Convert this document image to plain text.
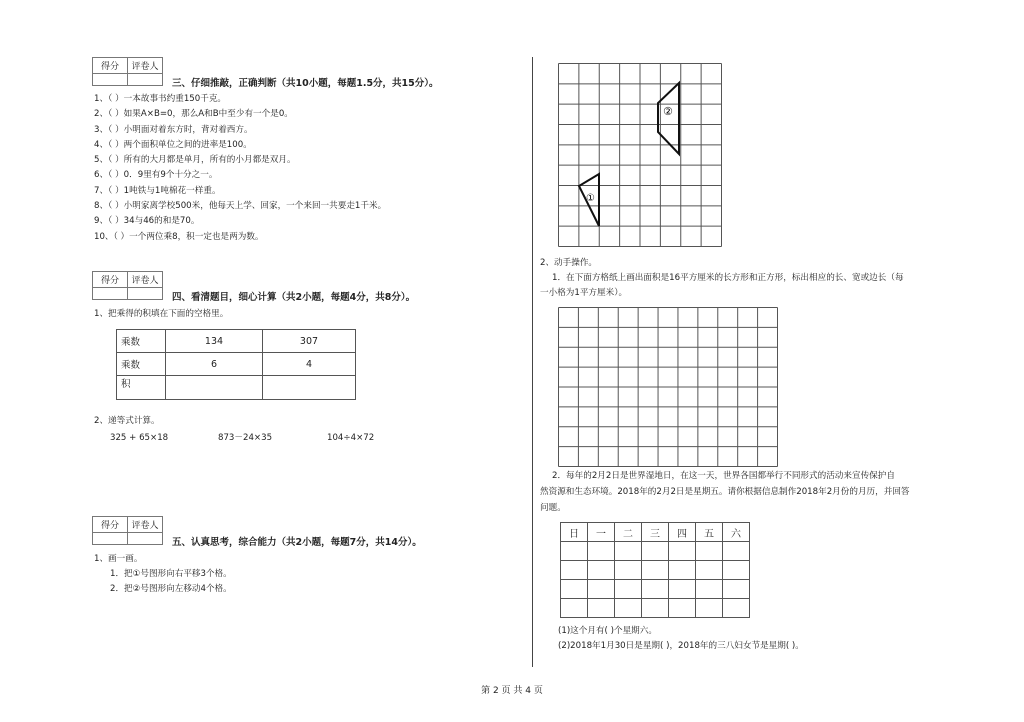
得分	评卷人

三、仔细推敲，正确判断（共10小题，每题1.5分，共15分）。
1、（ ）一本故事书约重150千克。
2、（ ）如果A×B=0，那么A和B中至少有一个是0。
3、（ ）小明面对着东方时，背对着西方。
4、（ ）两个面积单位之间的进率是100。
5、（ ）所有的大月都是单月，所有的小月都是双月。
6、（ ）0．9里有9个十分之一。
7、（ ）1吨铁与1吨棉花一样重。
8、（ ）小明家离学校500米，他每天上学、回家，一个来回一共要走1千米。
9、（ ）34与46的和是70。
10、（ ）一个两位乘8，积一定也是两为数。
得分	评卷人

四、看清题目，细心计算（共2小题，每题4分，共8分）。
1、把乘得的积填在下面的空格里。
乘数	134	307
乘数	6	4
积		
2、递等式计算。
325 + 65×18	873－24×35	104÷4×72
得分	评卷人

五、认真思考，综合能力（共2小题，每题7分，共14分）。
1、画一画。
1．把①号图形向右平移3个格。
2．把②号图形向左移动4个格。
②
①
2、动手操作。
1．在下面方格纸上画出面积是16平方厘米的长方形和正方形，标出相应的长、宽或边长（每
一小格为1平方厘米）。
2．每年的2月2日是世界湿地日，在这一天，世界各国都举行不同形式的活动来宣传保护自
然资源和生态环境。2018年的2月2日是星期五。请你根据信息制作2018年2月份的月历，并回答
问题。
日	一	二	三	四	五	六

(1)这个月有( )个星期六。
(2)2018年1月30日是星期( )，2018年的三八妇女节是星期( )。
第 2 页 共 4 页
